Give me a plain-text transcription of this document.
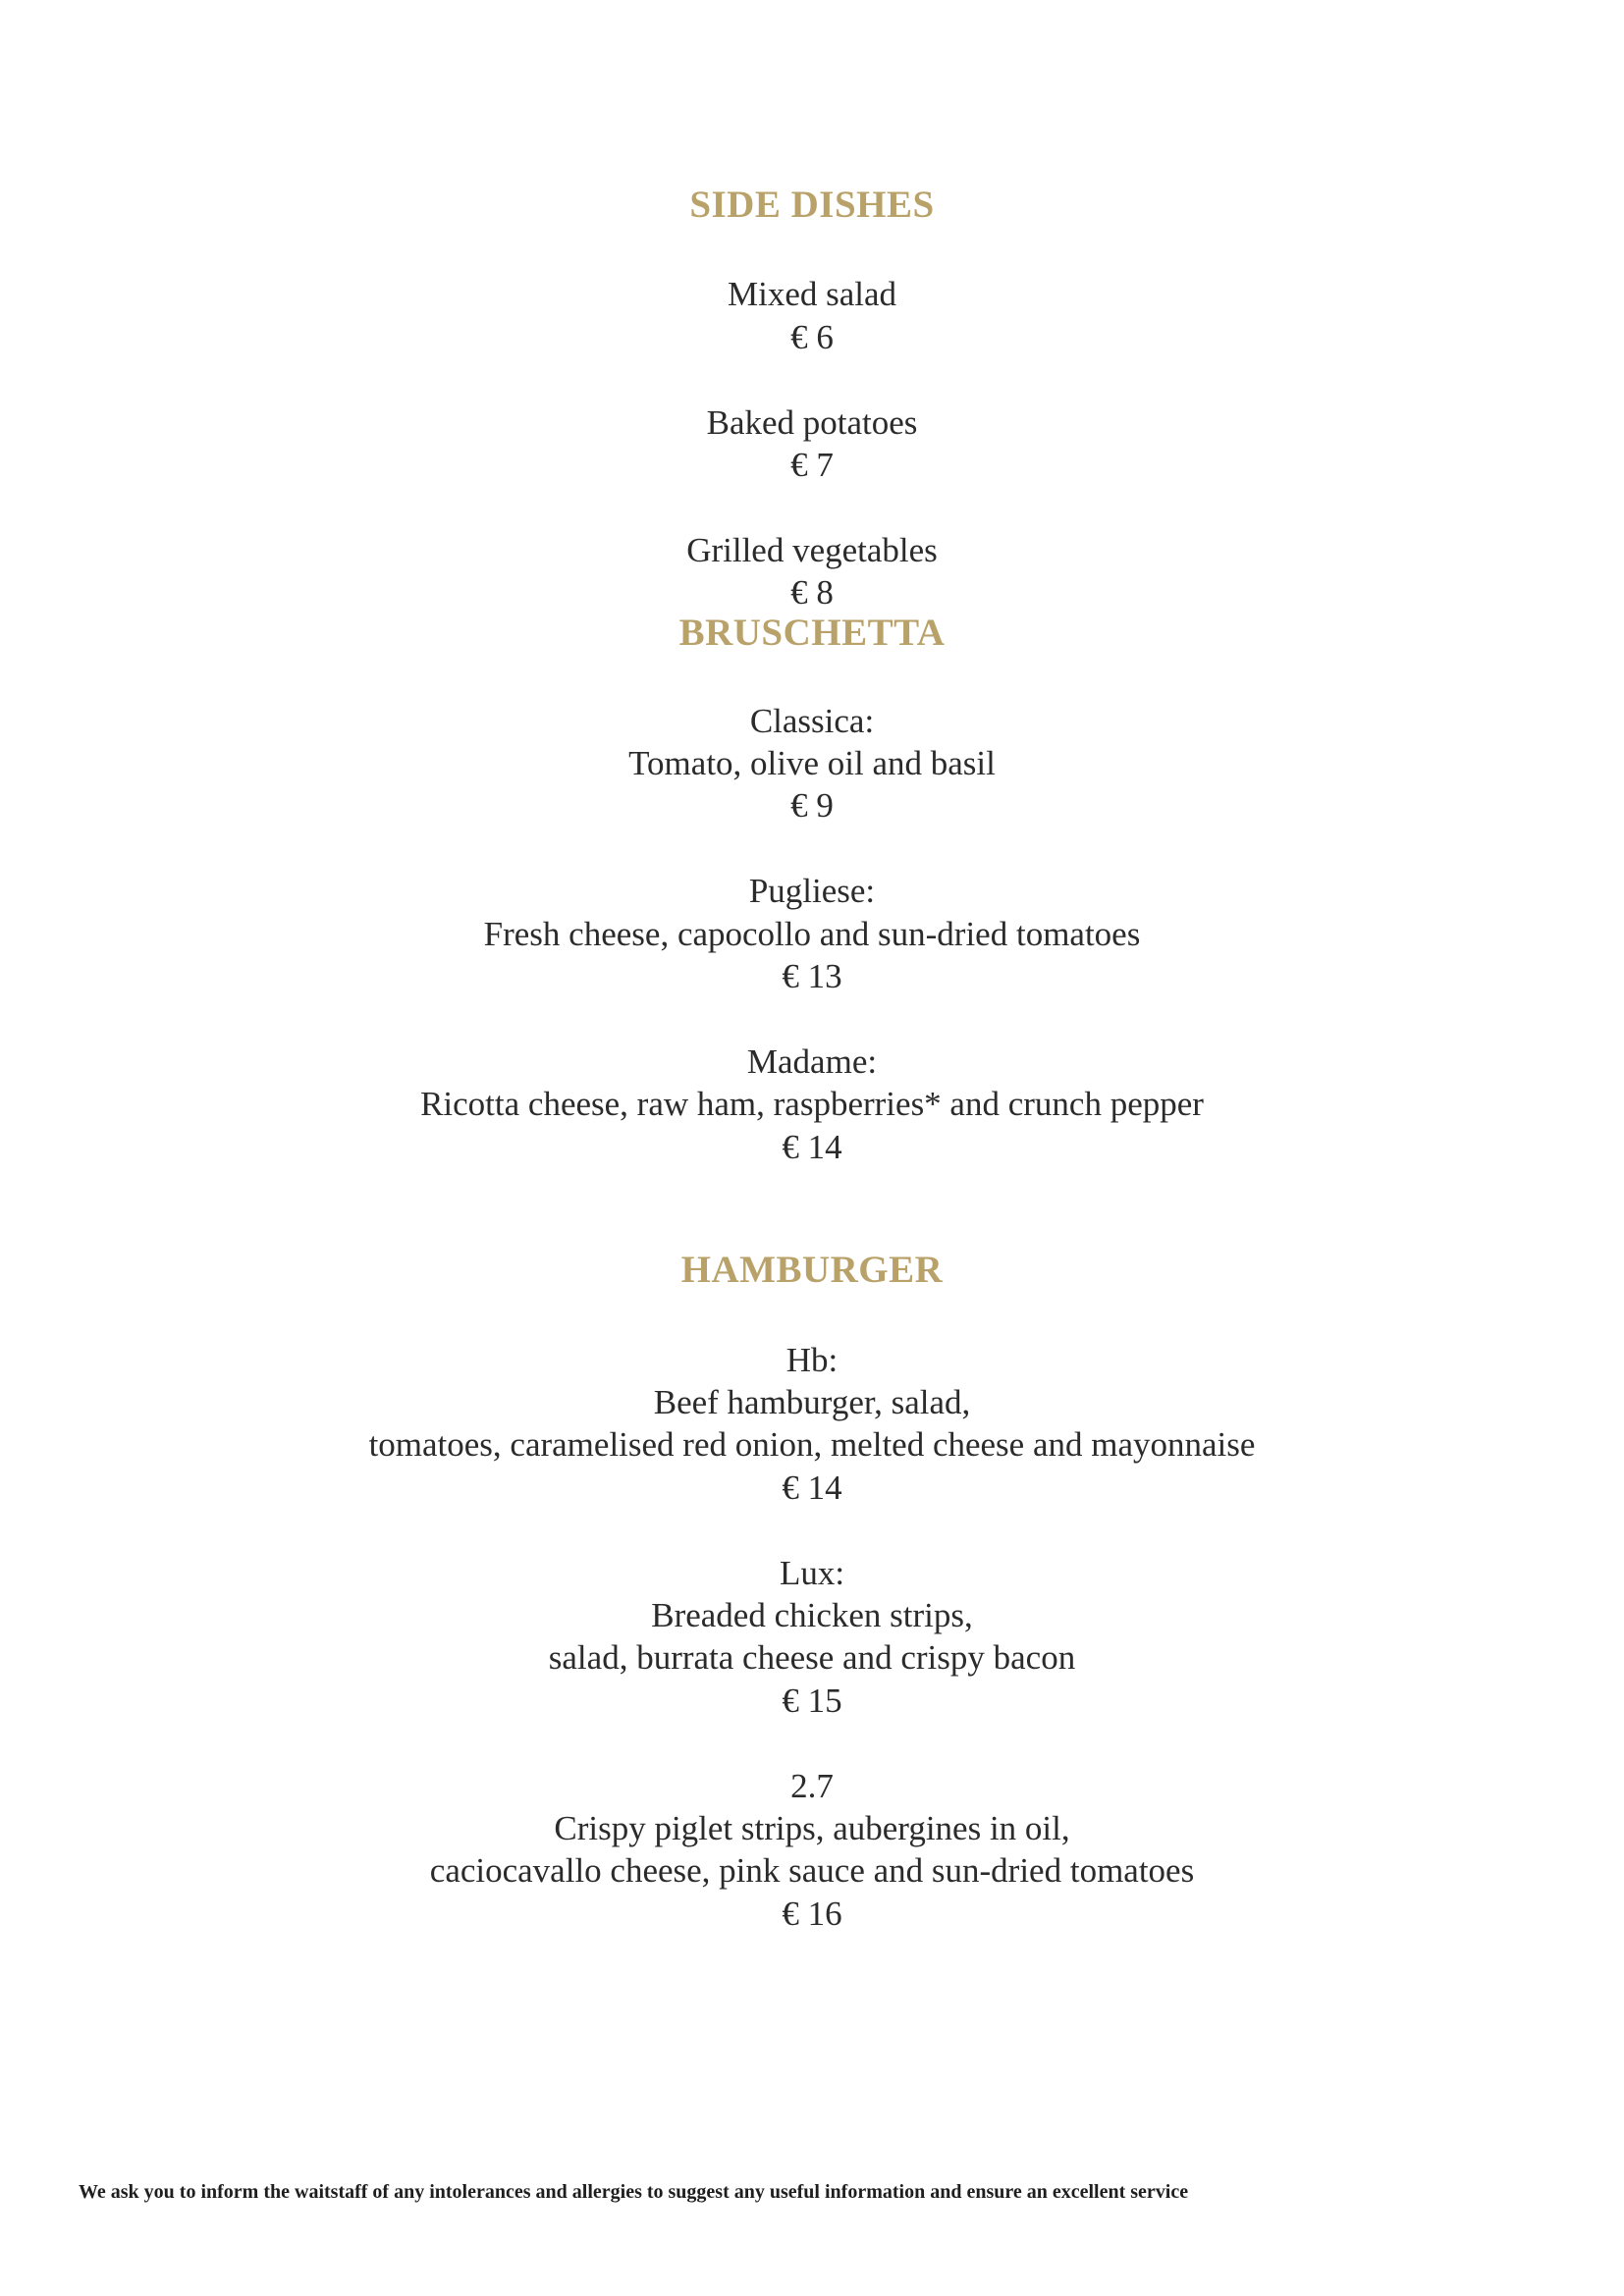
SIDE DISHES
Mixed salad
€ 6
Baked potatoes
€ 7
Grilled vegetables
€ 8
BRUSCHETTA
Classica:
Tomato, olive oil and basil
€ 9
Pugliese:
Fresh cheese, capocollo and sun-dried tomatoes
€ 13
Madame:
Ricotta cheese, raw ham, raspberries* and crunch pepper
€ 14
HAMBURGER
Hb:
Beef hamburger, salad,
tomatoes, caramelised red onion, melted cheese and mayonnaise
€ 14
Lux:
Breaded chicken strips,
salad, burrata cheese and crispy bacon
€ 15
2.7
Crispy piglet strips, aubergines in oil,
caciocavallo cheese, pink sauce and sun-dried tomatoes
€ 16
We ask you to inform the waitstaff of any intolerances and allergies to suggest any useful information and ensure an excellent service
